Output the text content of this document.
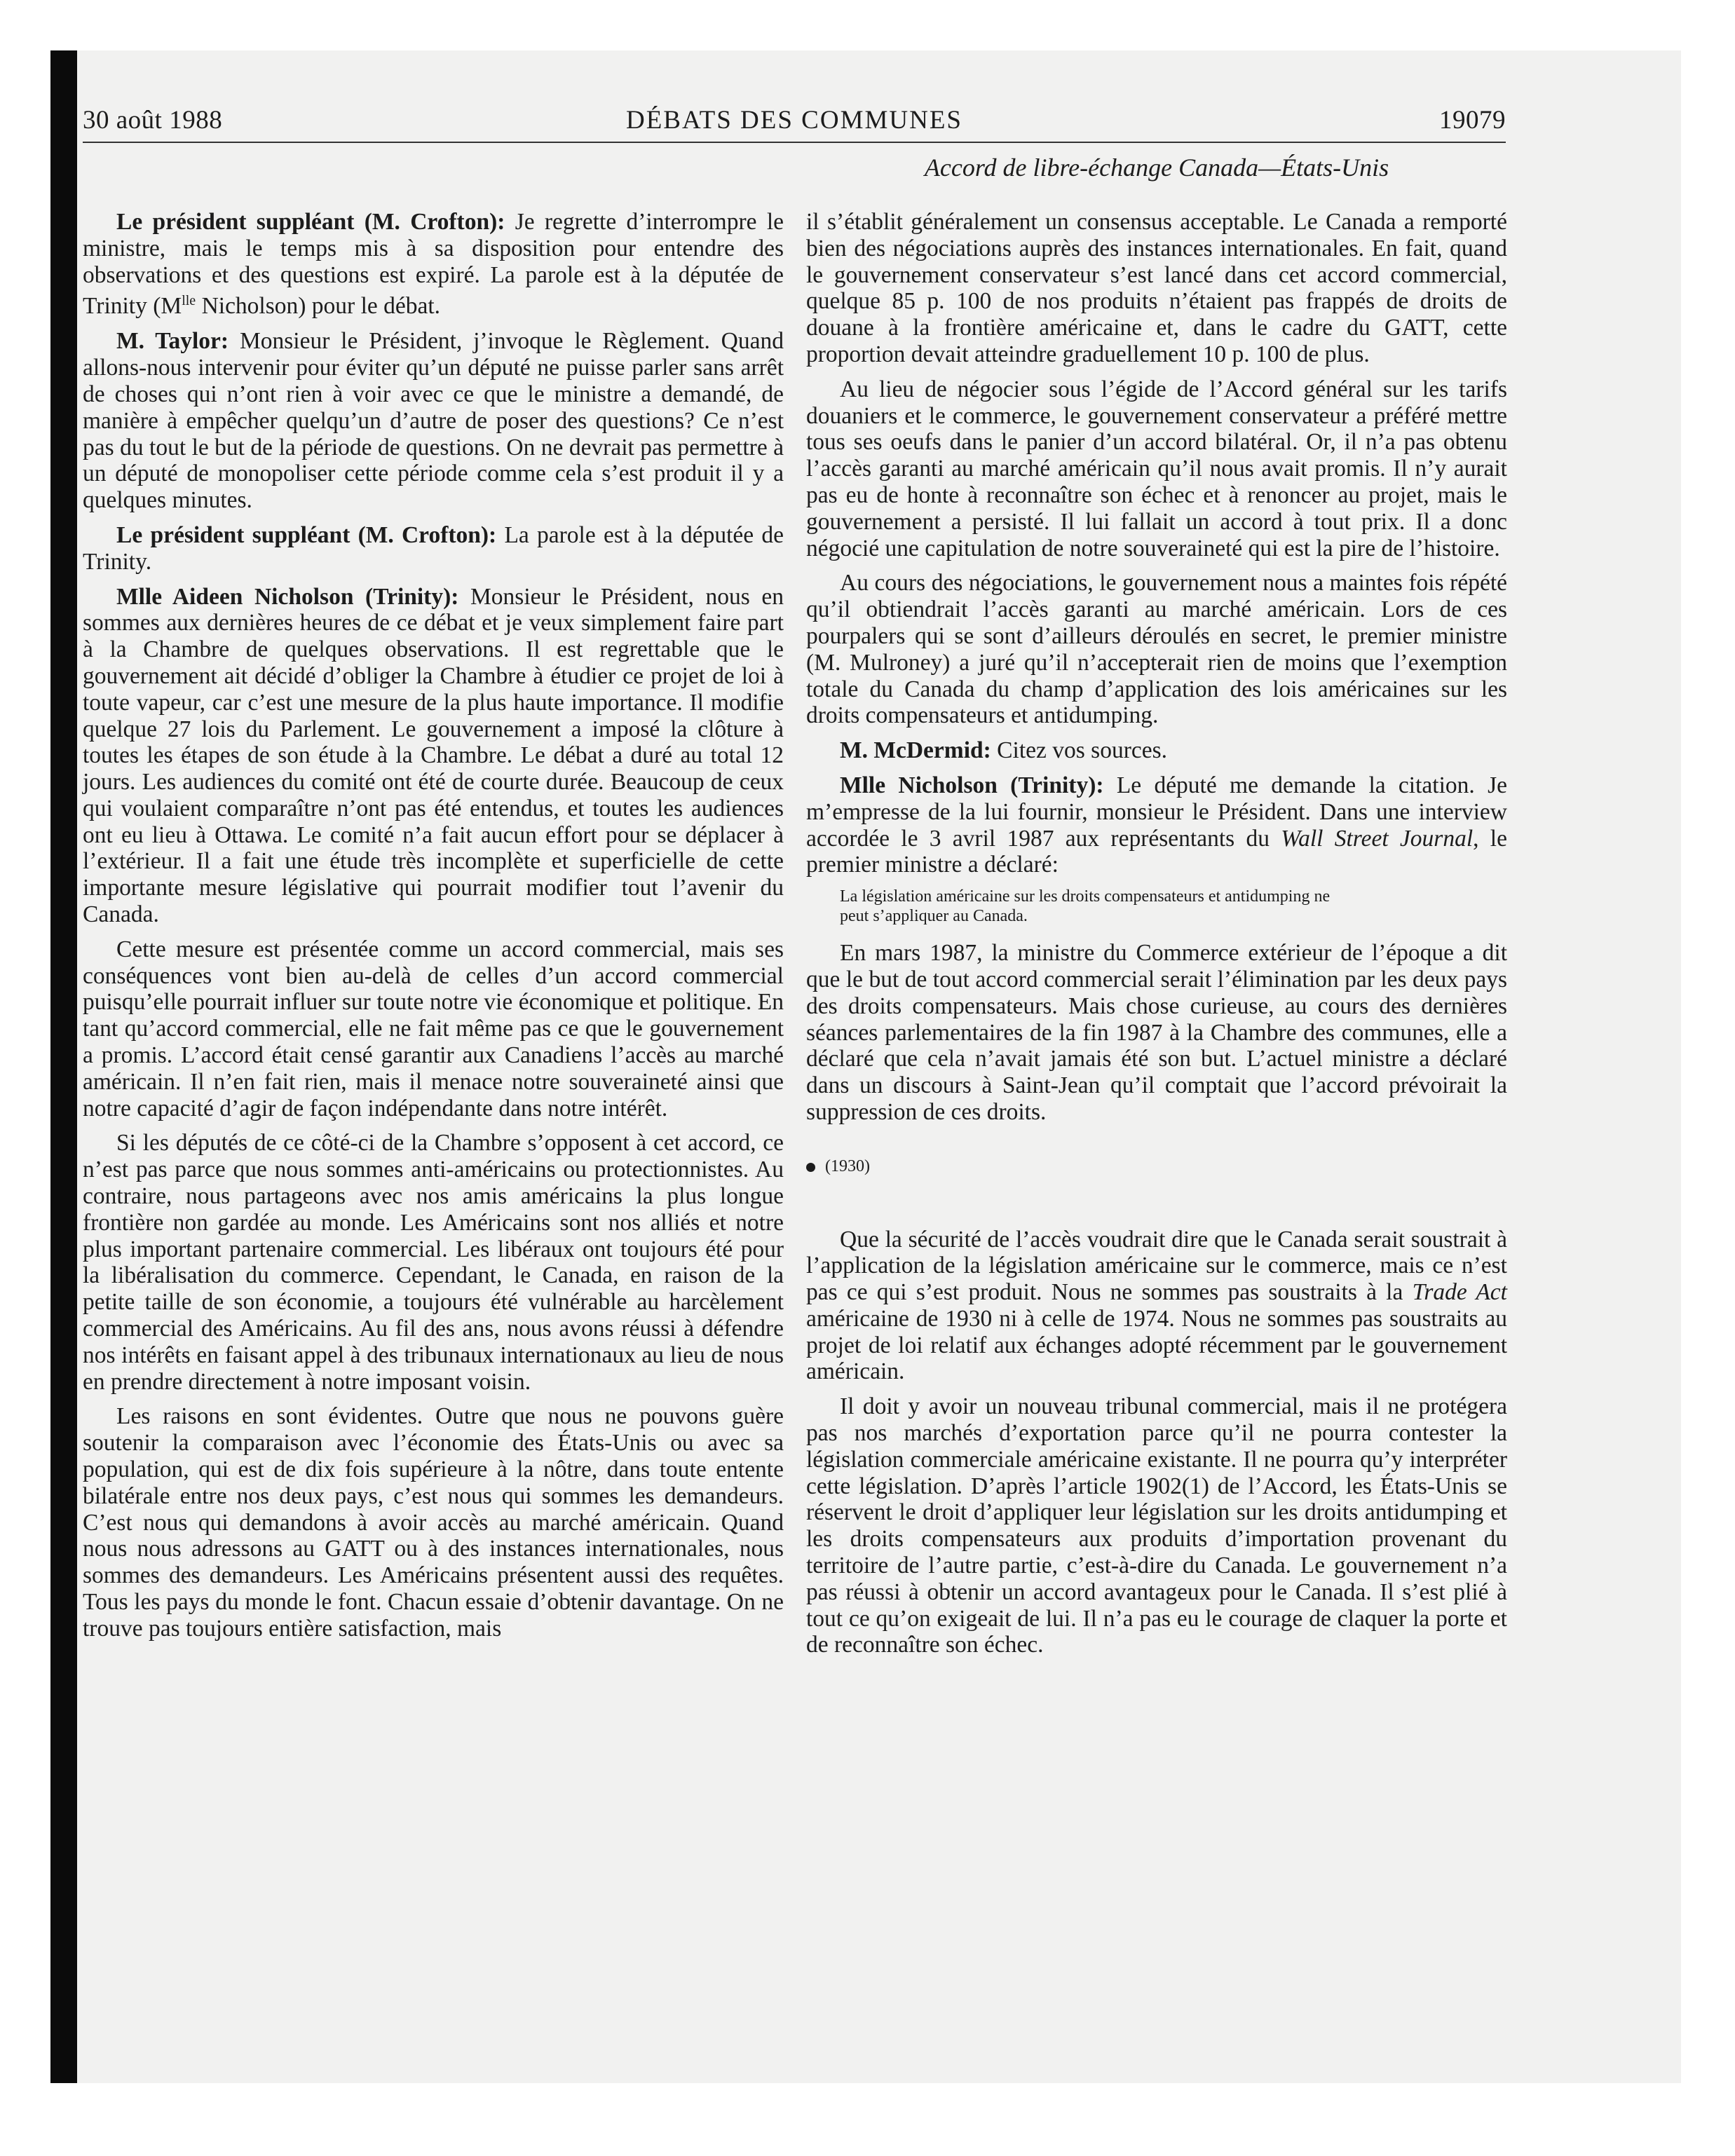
30 août 1988	DÉBATS DES COMMUNES	19079
Accord de libre-échange Canada—États-Unis

Le président suppléant (M. Crofton): Je regrette d’interrompre le ministre, mais le temps mis à sa disposition pour entendre des observations et des questions est expiré. La parole est à la députée de Trinity ($M^{lle}$ Nicholson) pour le débat.

M. Taylor: Monsieur le Président, j’invoque le Règlement. Quand allons-nous intervenir pour éviter qu’un député ne puisse parler sans arrêt de choses qui n’ont rien à voir avec ce que le ministre a demandé, de manière à empêcher quelqu’un d’autre de poser des questions? Ce n’est pas du tout le but de la période de questions. On ne devrait pas permettre à un député de monopoliser cette période comme cela s’est produit il y a quelques minutes.

Le président suppléant (M. Crofton): La parole est à la députée de Trinity.

Mlle Aideen Nicholson (Trinity): Monsieur le Président, nous en sommes aux dernières heures de ce débat et je veux simplement faire part à la Chambre de quelques observations. Il est regrettable que le gouvernement ait décidé d’obliger la Chambre à étudier ce projet de loi à toute vapeur, car c’est une mesure de la plus haute importance. Il modifie quelque 27 lois du Parlement. Le gouvernement a imposé la clôture à toutes les étapes de son étude à la Chambre. Le débat a duré au total 12 jours. Les audiences du comité ont été de courte durée. Beaucoup de ceux qui voulaient comparaître n’ont pas été entendus, et toutes les audiences ont eu lieu à Ottawa. Le comité n’a fait aucun effort pour se déplacer à l’extérieur. Il a fait une étude très incomplète et superficielle de cette importante mesure législative qui pourrait modifier tout l’avenir du Canada.

Cette mesure est présentée comme un accord commercial, mais ses conséquences vont bien au-delà de celles d’un accord commercial puisqu’elle pourrait influer sur toute notre vie économique et politique. En tant qu’accord commercial, elle ne fait même pas ce que le gouvernement a promis. L’accord était censé garantir aux Canadiens l’accès au marché américain. Il n’en fait rien, mais il menace notre souveraineté ainsi que notre capacité d’agir de façon indépendante dans notre intérêt.

Si les députés de ce côté-ci de la Chambre s’opposent à cet accord, ce n’est pas parce que nous sommes anti-américains ou protectionnistes. Au contraire, nous partageons avec nos amis américains la plus longue frontière non gardée au monde. Les Américains sont nos alliés et notre plus important partenaire commercial. Les libéraux ont toujours été pour la libéralisation du commerce. Cependant, le Canada, en raison de la petite taille de son économie, a toujours été vulnérable au harcèlement commercial des Américains. Au fil des ans, nous avons réussi à défendre nos intérêts en faisant appel à des tribunaux internationaux au lieu de nous en prendre directement à notre imposant voisin.

Les raisons en sont évidentes. Outre que nous ne pouvons guère soutenir la comparaison avec l’économie des États-Unis ou avec sa population, qui est de dix fois supérieure à la nôtre, dans toute entente bilatérale entre nos deux pays, c’est nous qui sommes les demandeurs. C’est nous qui demandons à avoir accès au marché américain. Quand nous nous adressons au GATT ou à des instances internationales, nous sommes des demandeurs. Les Américains présentent aussi des requêtes. Tous les pays du monde le font. Chacun essaie d’obtenir davantage. On ne trouve pas toujours entière satisfaction, mais

il s’établit généralement un consensus acceptable. Le Canada a remporté bien des négociations auprès des instances internationales. En fait, quand le gouvernement conservateur s’est lancé dans cet accord commercial, quelque 85 p. 100 de nos produits n’étaient pas frappés de droits de douane à la frontière américaine et, dans le cadre du GATT, cette proportion devait atteindre graduellement 10 p. 100 de plus.

Au lieu de négocier sous l’égide de l’Accord général sur les tarifs douaniers et le commerce, le gouvernement conservateur a préféré mettre tous ses oeufs dans le panier d’un accord bilatéral. Or, il n’a pas obtenu l’accès garanti au marché américain qu’il nous avait promis. Il n’y aurait pas eu de honte à reconnaître son échec et à renoncer au projet, mais le gouvernement a persisté. Il lui fallait un accord à tout prix. Il a donc négocié une capitulation de notre souveraineté qui est la pire de l’histoire.

Au cours des négociations, le gouvernement nous a maintes fois répété qu’il obtiendrait l’accès garanti au marché américain. Lors de ces pourpalers qui se sont d’ailleurs déroulés en secret, le premier ministre (M. Mulroney) a juré qu’il n’accepterait rien de moins que l’exemption totale du Canada du champ d’application des lois américaines sur les droits compensateurs et antidumping.

M. McDermid: Citez vos sources.

Mlle Nicholson (Trinity): Le député me demande la citation. Je m’empresse de la lui fournir, monsieur le Président. Dans une interview accordée le 3 avril 1987 aux représentants du Wall Street Journal, le premier ministre a déclaré:

La législation américaine sur les droits compensateurs et antidumping ne
peut s’appliquer au Canada.

En mars 1987, la ministre du Commerce extérieur de l’époque a dit que le but de tout accord commercial serait l’élimination par les deux pays des droits compensateurs. Mais chose curieuse, au cours des dernières séances parlementaires de la fin 1987 à la Chambre des communes, elle a déclaré que cela n’avait jamais été son but. L’actuel ministre a déclaré dans un discours à Saint-Jean qu’il comptait que l’accord prévoirait la suppression de ces droits.

(1930)

Que la sécurité de l’accès voudrait dire que le Canada serait soustrait à l’application de la législation américaine sur le commerce, mais ce n’est pas ce qui s’est produit. Nous ne sommes pas soustraits à la Trade Act américaine de 1930 ni à celle de 1974. Nous ne sommes pas soustraits au projet de loi relatif aux échanges adopté récemment par le gouvernement américain.

Il doit y avoir un nouveau tribunal commercial, mais il ne protégera pas nos marchés d’exportation parce qu’il ne pourra contester la législation commerciale américaine existante. Il ne pourra qu’y interpréter cette législation. D’après l’article 1902(1) de l’Accord, les États-Unis se réservent le droit d’appliquer leur législation sur les droits antidumping et les droits compensateurs aux produits d’importation provenant du territoire de l’autre partie, c’est-à-dire du Canada. Le gouvernement n’a pas réussi à obtenir un accord avantageux pour le Canada. Il s’est plié à tout ce qu’on exigeait de lui. Il n’a pas eu le courage de claquer la porte et de reconnaître son échec.
